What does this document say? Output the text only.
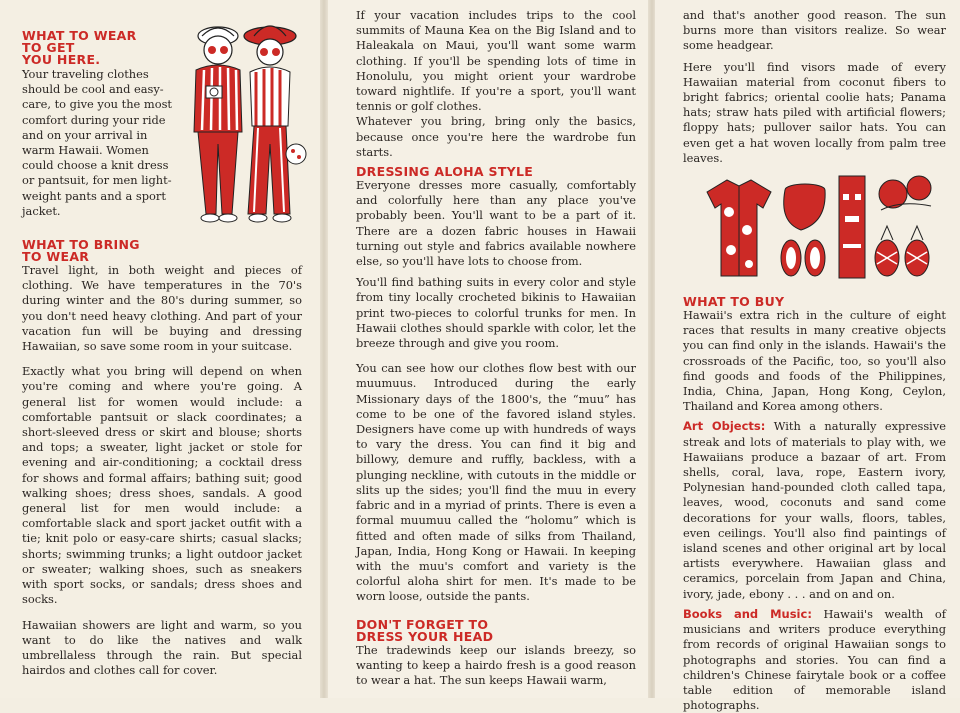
WHAT TO WEAR
TO GET
YOU HERE.

Your traveling clothes should be cool and easy-care, to give you the most comfort during your ride and on your arrival in warm Hawaii. Women could choose a knit dress or pantsuit, for men light-weight pants and a sport jacket.

WHAT TO BRING
TO WEAR

Travel light, in both weight and pieces of clothing. We have temperatures in the 70's during winter and the 80's during summer, so you don't need heavy clothing. And part of your vacation fun will be buying and dressing Hawaiian, so save some room in your suitcase.

Exactly what you bring will depend on when you're coming and where you're going. A general list for women would include: a comfortable pantsuit or slack coordinates; a short-sleeved dress or skirt and blouse; shorts and tops; a sweater, light jacket or stole for evening and air-conditioning; a cocktail dress for shows and formal affairs; bathing suit; good walking shoes; dress shoes, sandals. A good general list for men would include: a comfortable slack and sport jacket outfit with a tie; knit polo or easy-care shirts; casual slacks; shorts; swimming trunks; a light outdoor jacket or sweater; walking shoes, such as sneakers with sport socks, or sandals; dress shoes and socks.

Hawaiian showers are light and warm, so you want to do like the natives and walk umbrellaless through the rain. But special hairdos and clothes call for cover.

If your vacation includes trips to the cool summits of Mauna Kea on the Big Island and to Haleakala on Maui, you'll want some warm clothing. If you'll be spending lots of time in Honolulu, you might orient your wardrobe toward nightlife. If you're a sport, you'll want tennis or golf clothes.

Whatever you bring, bring only the basics, because once you're here the wardrobe fun starts.

DRESSING ALOHA STYLE

Everyone dresses more casually, comfortably and colorfully here than any place you've probably been. You'll want to be a part of it. There are a dozen fabric houses in Hawaii turning out style and fabrics available nowhere else, so you'll have lots to choose from.

You'll find bathing suits in every color and style from tiny locally crocheted bikinis to Hawaiian print two-pieces to colorful trunks for men. In Hawaii clothes should sparkle with color, let the breeze through and give you room.

You can see how our clothes flow best with our muumuus. Introduced during the early Missionary days of the 1800's, the “muu” has come to be one of the favored island styles. Designers have come up with hundreds of ways to vary the dress. You can find it big and billowy, demure and ruffly, backless, with a plunging neckline, with cutouts in the middle or slits up the sides; you'll find the muu in every fabric and in a myriad of prints. There is even a formal muumuu called the “holomu” which is fitted and often made of silks from Thailand, Japan, India, Hong Kong or Hawaii. In keeping with the muu's comfort and variety is the colorful aloha shirt for men. It's made to be worn loose, outside the pants.

DON'T FORGET TO
DRESS YOUR HEAD

The tradewinds keep our islands breezy, so wanting to keep a hairdo fresh is a good reason to wear a hat. The sun keeps Hawaii warm,

and that's another good reason. The sun burns more than visitors realize. So wear some headgear.

Here you'll find visors made of every Hawaiian material from coconut fibers to bright fabrics; oriental coolie hats; Panama hats; straw hats piled with artificial flowers; floppy hats; pullover sailor hats. You can even get a hat woven locally from palm tree leaves.

WHAT TO BUY

Hawaii's extra rich in the culture of eight races that results in many creative objects you can find only in the islands. Hawaii's the crossroads of the Pacific, too, so you'll also find goods and foods of the Philippines, India, China, Japan, Hong Kong, Ceylon, Thailand and Korea among others.

Art Objects: With a naturally expressive streak and lots of materials to play with, we Hawaiians produce a bazaar of art. From shells, coral, lava, rope, Eastern ivory, Polynesian hand-pounded cloth called tapa, leaves, wood, coconuts and sand come decorations for your walls, floors, tables, even ceilings. You'll also find paintings of island scenes and other original art by local artists everywhere. Hawaiian glass and ceramics, porcelain from Japan and China, ivory, jade, ebony . . . and on and on.

Books and Music: Hawaii's wealth of musicians and writers produce everything from records of original Hawaiian songs to photographs and stories. You can find a children's Chinese fairytale book or a coffee table edition of memorable island photographs.
